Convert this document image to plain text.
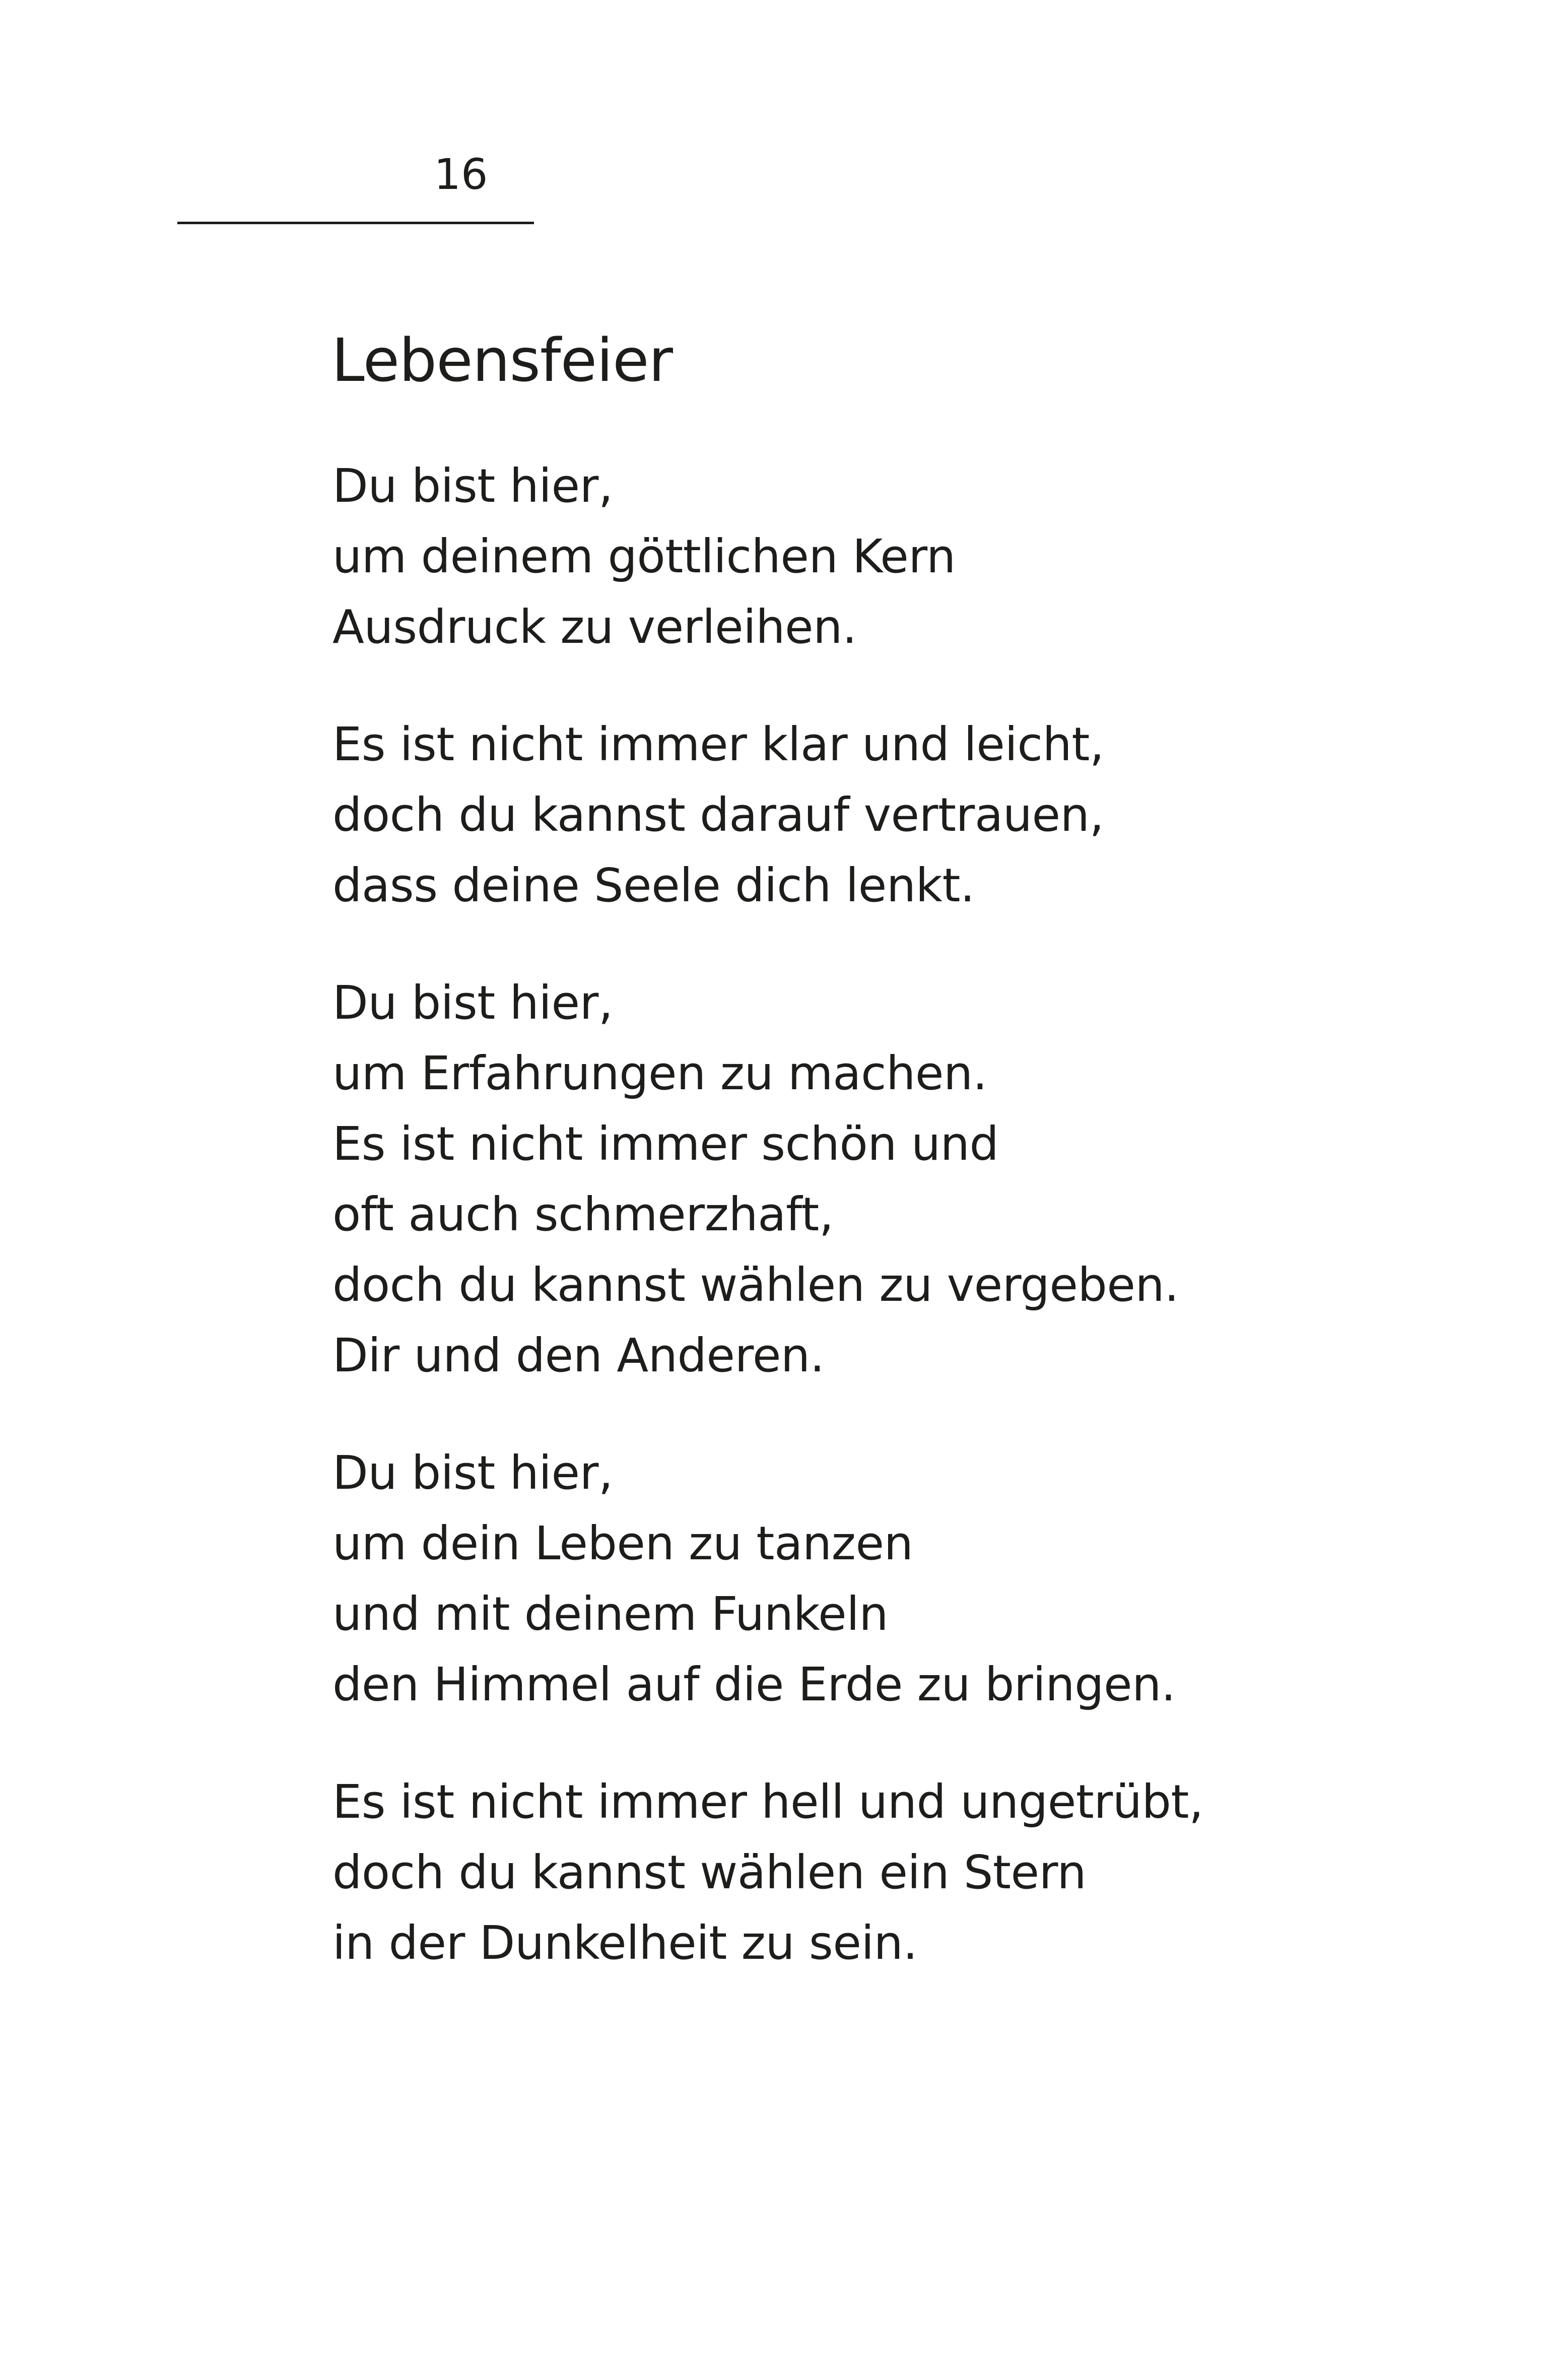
16
Lebensfeier

Du bist hier,
um deinem göttlichen Kern
Ausdruck zu verleihen.

Es ist nicht immer klar und leicht,
doch du kannst darauf vertrauen,
dass deine Seele dich lenkt.

Du bist hier,
um Erfahrungen zu machen.
Es ist nicht immer schön und
oft auch schmerzhaft,
doch du kannst wählen zu vergeben.
Dir und den Anderen.

Du bist hier,
um dein Leben zu tanzen
und mit deinem Funkeln
den Himmel auf die Erde zu bringen.

Es ist nicht immer hell und ungetrübt,
doch du kannst wählen ein Stern
in der Dunkelheit zu sein.
